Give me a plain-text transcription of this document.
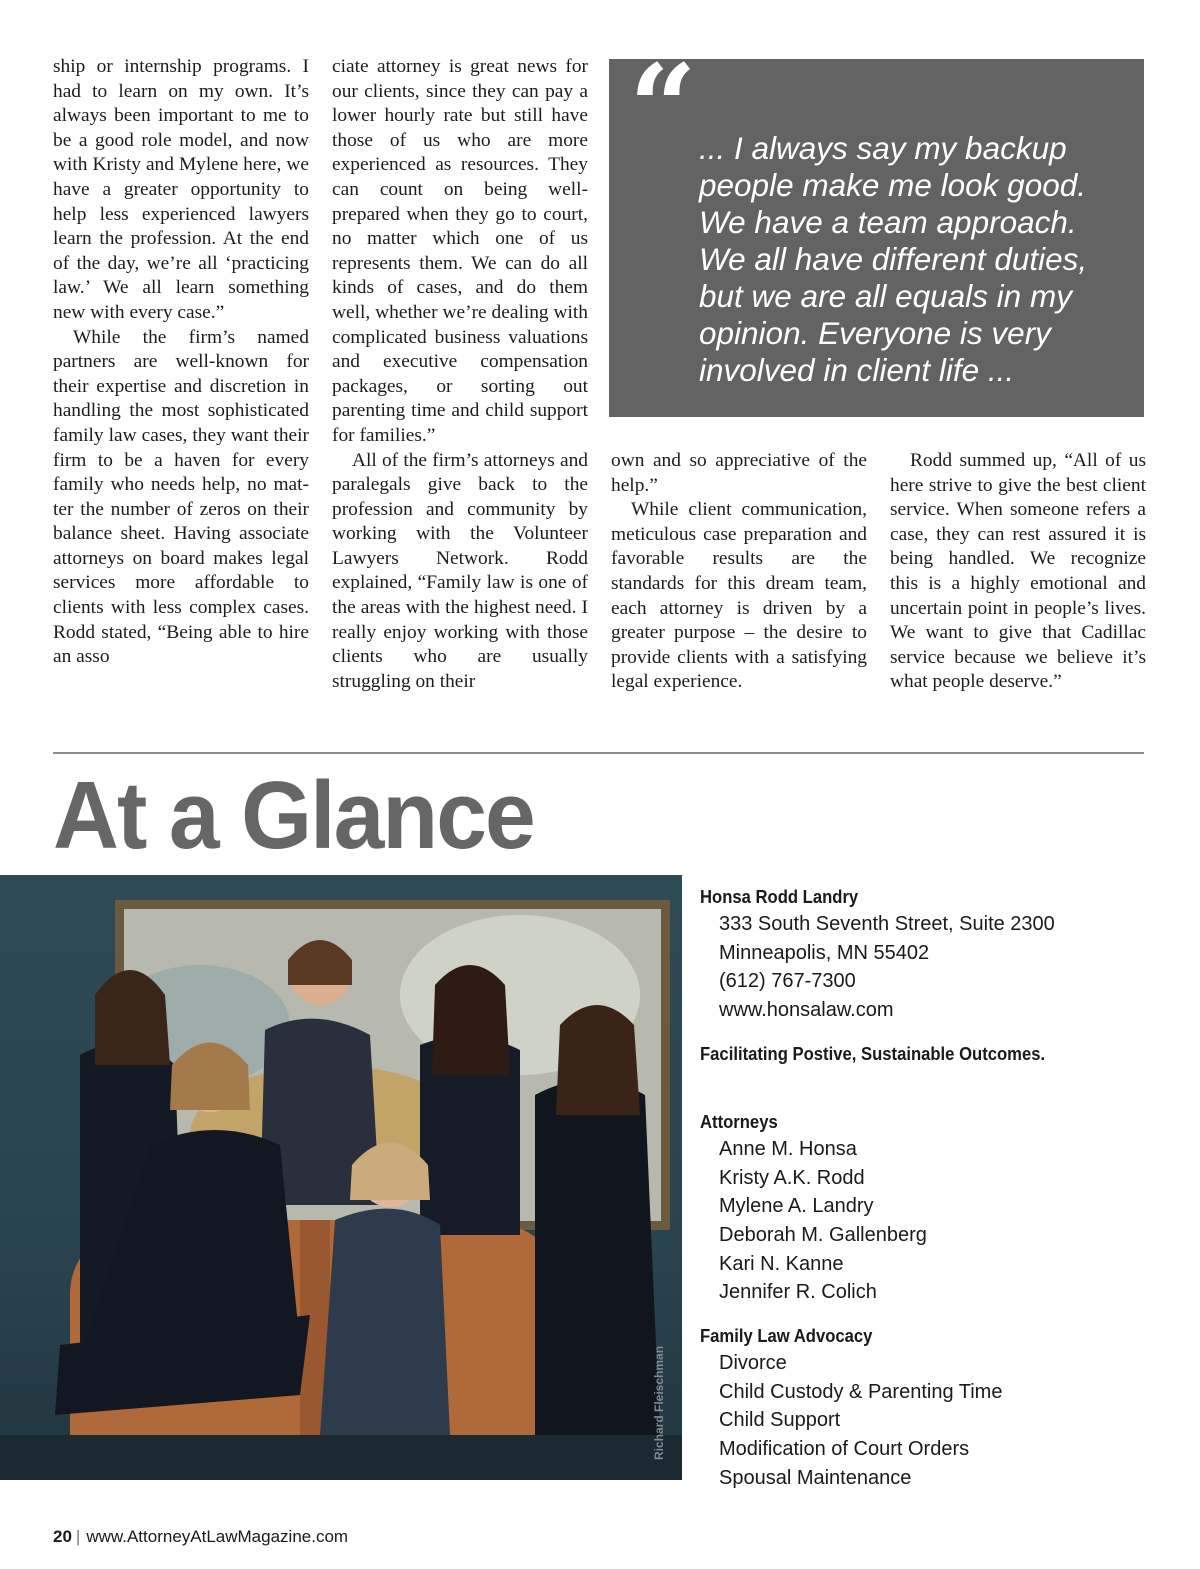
ship or internship programs. I had to learn on my own. It’s always been important to me to be a good role model, and now with Kristy and Mylene here, we have a greater opportunity to help less experienced lawyers learn the profession. At the end of the day, we’re all ‘practicing law.’ We all learn something new with every case.”

While the firm’s named partners are well-known for their expertise and discretion in handling the most sophisticated family law cases, they want their firm to be a haven for every family who needs help, no matter the number of zeros on their balance sheet. Having associate attorneys on board makes legal services more affordable to clients with less complex cases. Rodd stated, “Being able to hire an asso

ciate attorney is great news for our clients, since they can pay a lower hourly rate but still have those of us who are more experienced as resources. They can count on being well-prepared when they go to court, no matter which one of us represents them. We can do all kinds of cases, and do them well, whether we’re dealing with complicated business valuations and executive compensation packages, or sorting out parenting time and child support for families.”

All of the firm’s attorneys and paralegals give back to the profession and community by working with the Volunteer Lawyers Network. Rodd explained, “Family law is one of the areas with the highest need. I really enjoy working with those clients who are usually struggling on their

“ ... I always say my backup people make me look good. We have a team approach. We all have different duties, but we are all equals in my opinion. Everyone is very involved in client life ...

own and so appreciative of the help.”

While client communication, meticulous case preparation and favorable results are the standards for this dream team, each attorney is driven by a greater purpose – the desire to provide clients with a satisfying legal experience.

Rodd summed up, “All of us here strive to give the best client service. When someone refers a case, they can rest assured it is being handled. We recognize this is a highly emotional and uncertain point in people’s lives. We want to give that Cadillac service because we believe it’s what people deserve.”

At a Glance
Richard Fleischman
Honsa Rodd Landry
333 South Seventh Street, Suite 2300
Minneapolis, MN 55402
(612) 767-7300
www.honsalaw.com
Facilitating Postive, Sustainable Outcomes.
Attorneys
Anne M. Honsa
Kristy A.K. Rodd
Mylene A. Landry
Deborah M. Gallenberg
Kari N. Kanne
Jennifer R. Colich
Family Law Advocacy
Divorce
Child Custody & Parenting Time
Child Support
Modification of Court Orders
Spousal Maintenance
20 | www.AttorneyAtLawMagazine.com
